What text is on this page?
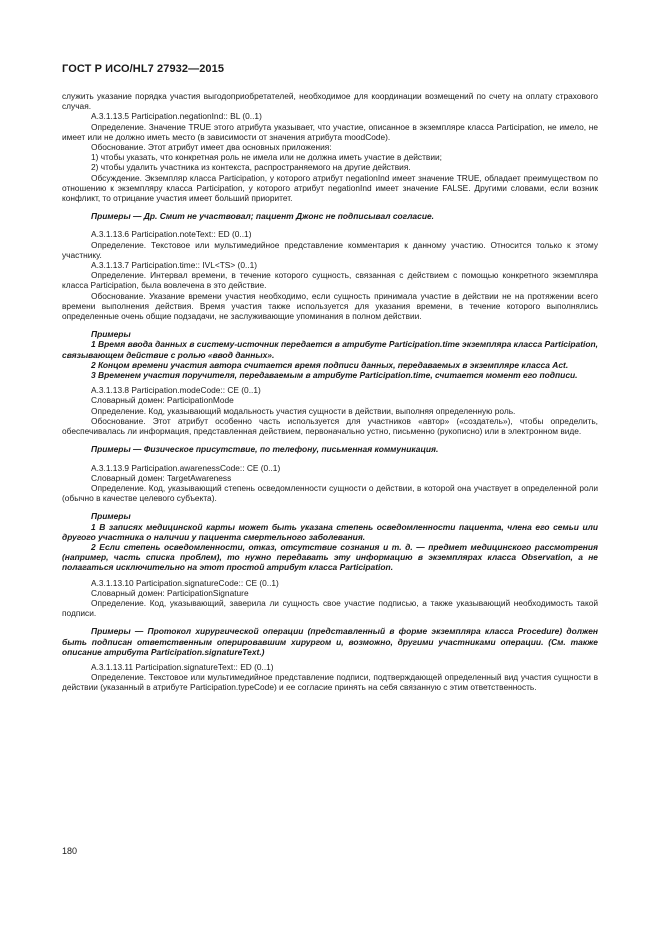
ГОСТ Р ИСО/HL7 27932—2015

служить указание порядка участия выгодоприобретателей, необходимое для координации возмещений по счету на оплату страхового случая.

А.3.1.13.5 Participation.negationInd:: BL (0..1)

Определение. Значение TRUE этого атрибута указывает, что участие, описанное в экземпляре класса Participation, не имело, не имеет или не должно иметь место (в зависимости от значения атрибута moodCode).

Обоснование. Этот атрибут имеет два основных приложения:

1) чтобы указать, что конкретная роль не имела или не должна иметь участие в действии;

2) чтобы удалить участника из контекста, распространяемого на другие действия.

Обсуждение. Экземпляр класса Participation, у которого атрибут negationInd имеет значение TRUE, обладает преимуществом по отношению к экземпляру класса Participation, у которого атрибут negationInd имеет значение FALSE. Другими словами, если возник конфликт, то отрицание участия имеет больший приоритет.

Примеры — Др. Смит не участвовал; пациент Джонс не подписывал согласие.

А.3.1.13.6 Participation.noteText:: ED (0..1)

Определение. Текстовое или мультимедийное представление комментария к данному участию. Относится только к этому участнику.

А.3.1.13.7 Participation.time:: IVL<TS> (0..1)

Определение. Интервал времени, в течение которого сущность, связанная с действием с помощью конкретного экземпляра класса Participation, была вовлечена в это действие.

Обоснование. Указание времени участия необходимо, если сущность принимала участие в действии не на протяжении всего времени выполнения действия. Время участия также используется для указания времени, в течение которого выполнялись определенные очень общие подзадачи, не заслуживающие упоминания в полном действии.

Примеры

1 Время ввода данных в систему-источник передается в атрибуте Participation.time экземпляра класса Participation, связывающем действие с ролью «ввод данных».

2 Концом времени участия автора считается время подписи данных, передаваемых в экземпляре класса Act.

3 Временем участия поручителя, передаваемым в атрибуте Participation.time, считается момент его подписи.

А.3.1.13.8 Participation.modeCode:: CE (0..1)

Словарный домен: ParticipationMode

Определение. Код, указывающий модальность участия сущности в действии, выполняя определенную роль.

Обоснование. Этот атрибут особенно часть используется для участников «автор» («создатель»), чтобы определить, обеспечивалась ли информация, представленная действием, первоначально устно, письменно (рукописно) или в электронном виде.

Примеры — Физическое присутствие, по телефону, письменная коммуникация.

А.3.1.13.9 Participation.awarenessCode:: CE (0..1)

Словарный домен: TargetAwareness

Определение. Код, указывающий степень осведомленности сущности о действии, в которой она участвует в определенной роли (обычно в качестве целевого субъекта).

Примеры

1 В записях медицинской карты может быть указана степень осведомленности пациента, члена его семьи или другого участника о наличии у пациента смертельного заболевания.

2 Если степень осведомленности, отказ, отсутствие сознания и т. д. — предмет медицинского рассмотрения (например, часть списка проблем), то нужно передавать эту информацию в экземплярах класса Observation, а не полагаться исключительно на этот простой атрибут класса Participation.

А.3.1.13.10 Participation.signatureCode:: CE (0..1)

Словарный домен: ParticipationSignature

Определение. Код, указывающий, заверила ли сущность свое участие подписью, а также указывающий необходимость такой подписи.

Примеры — Протокол хирургической операции (представленный в форме экземпляра класса Procedure) должен быть подписан ответственным оперировавшим хирургом и, возможно, другими участниками операции. (См. также описание атрибута Participation.signatureText.)

А.3.1.13.11 Participation.signatureText:: ED (0..1)

Определение. Текстовое или мультимедийное представление подписи, подтверждающей определенный вид участия сущности в действии (указанный в атрибуте Participation.typeCode) и ее согласие принять на себя связанную с этим ответственность.

180
